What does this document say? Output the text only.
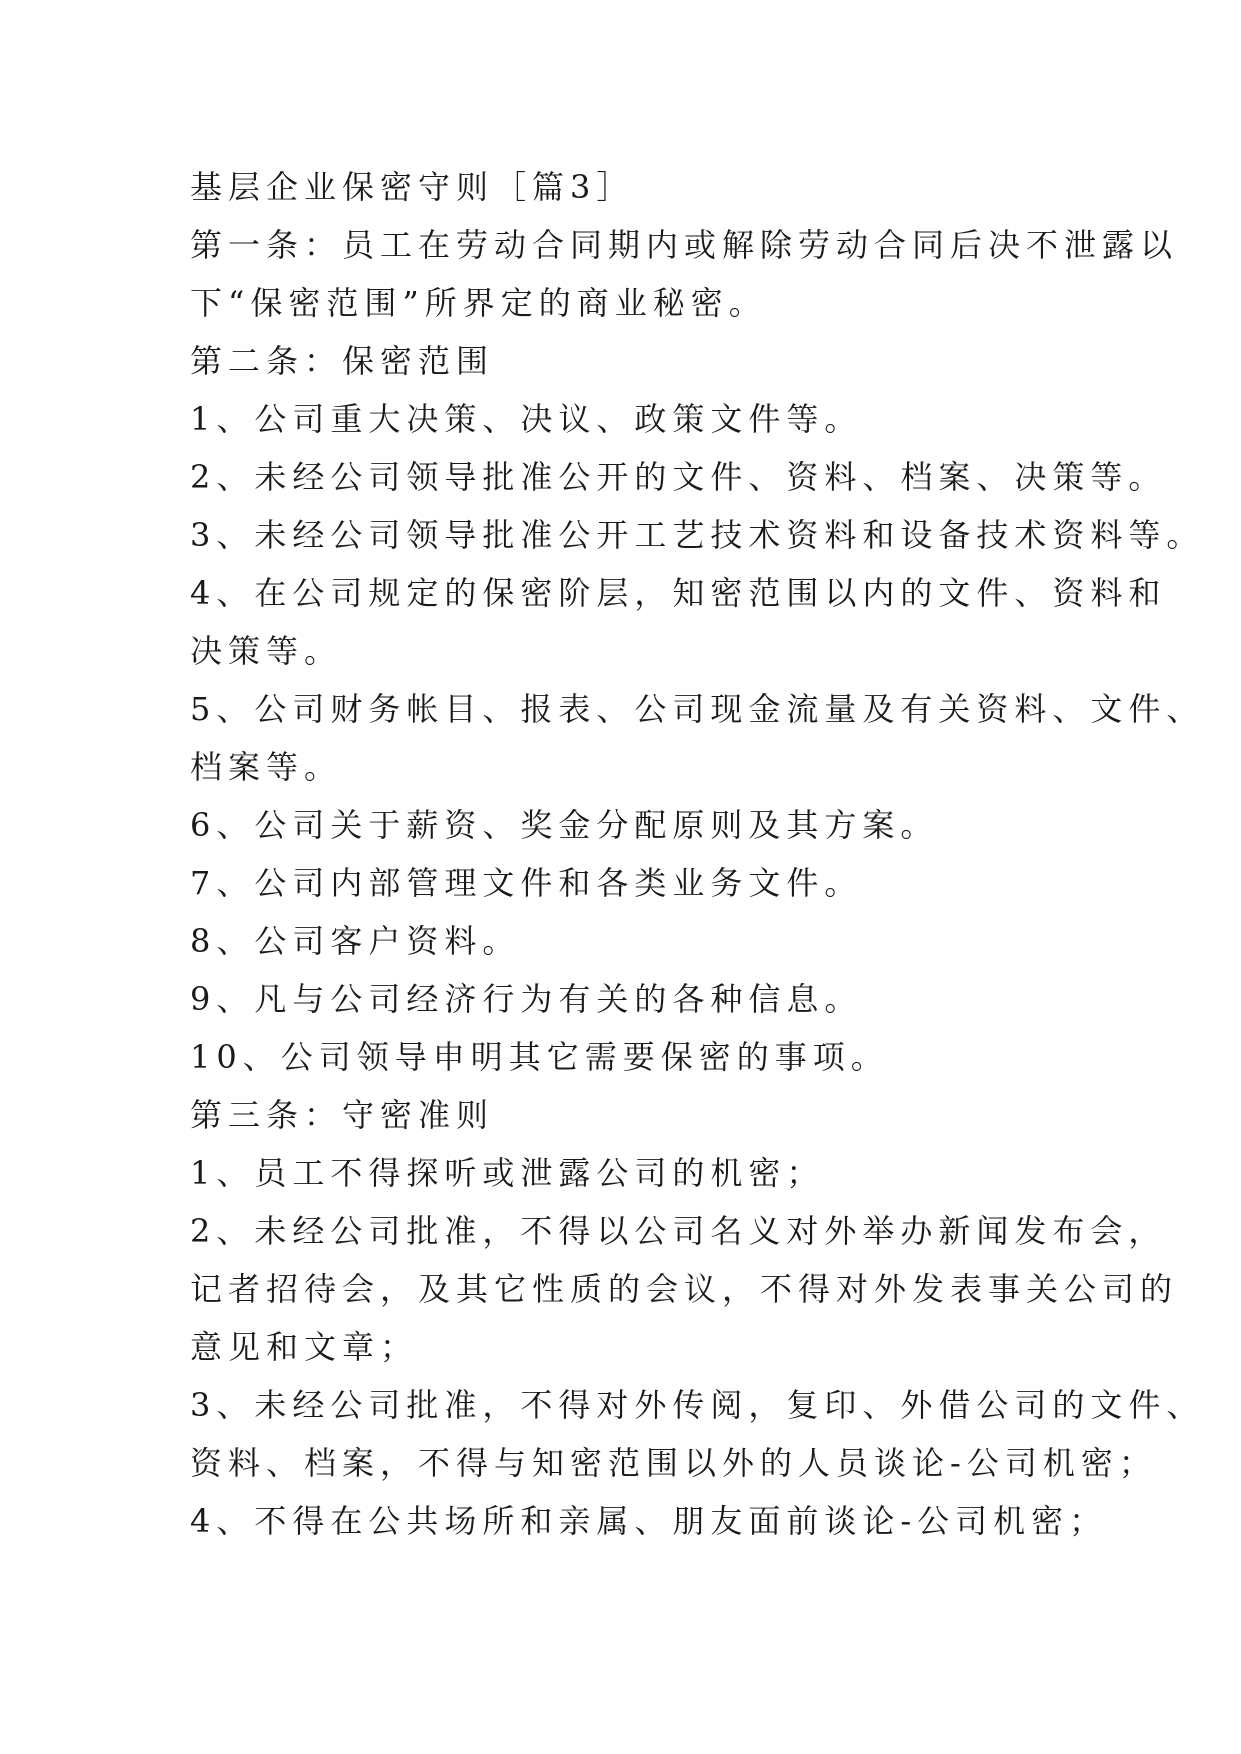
基层企业保密守则［篇3］
第一条：员工在劳动合同期内或解除劳动合同后决不泄露以
下“保密范围”所界定的商业秘密。
第二条：保密范围
1、公司重大决策、决议、政策文件等。
2、未经公司领导批准公开的文件、资料、档案、决策等。
3、未经公司领导批准公开工艺技术资料和设备技术资料等。
4、在公司规定的保密阶层，知密范围以内的文件、资料和
决策等。
5、公司财务帐目、报表、公司现金流量及有关资料、文件、
档案等。
6、公司关于薪资、奖金分配原则及其方案。
7、公司内部管理文件和各类业务文件。
8、公司客户资料。
9、凡与公司经济行为有关的各种信息。
10、公司领导申明其它需要保密的事项。
第三条：守密准则
1、员工不得探听或泄露公司的机密；
2、未经公司批准，不得以公司名义对外举办新闻发布会，
记者招待会，及其它性质的会议，不得对外发表事关公司的
意见和文章；
3、未经公司批准，不得对外传阅，复印、外借公司的文件、
资料、档案，不得与知密范围以外的人员谈论-公司机密；
4、不得在公共场所和亲属、朋友面前谈论-公司机密；
